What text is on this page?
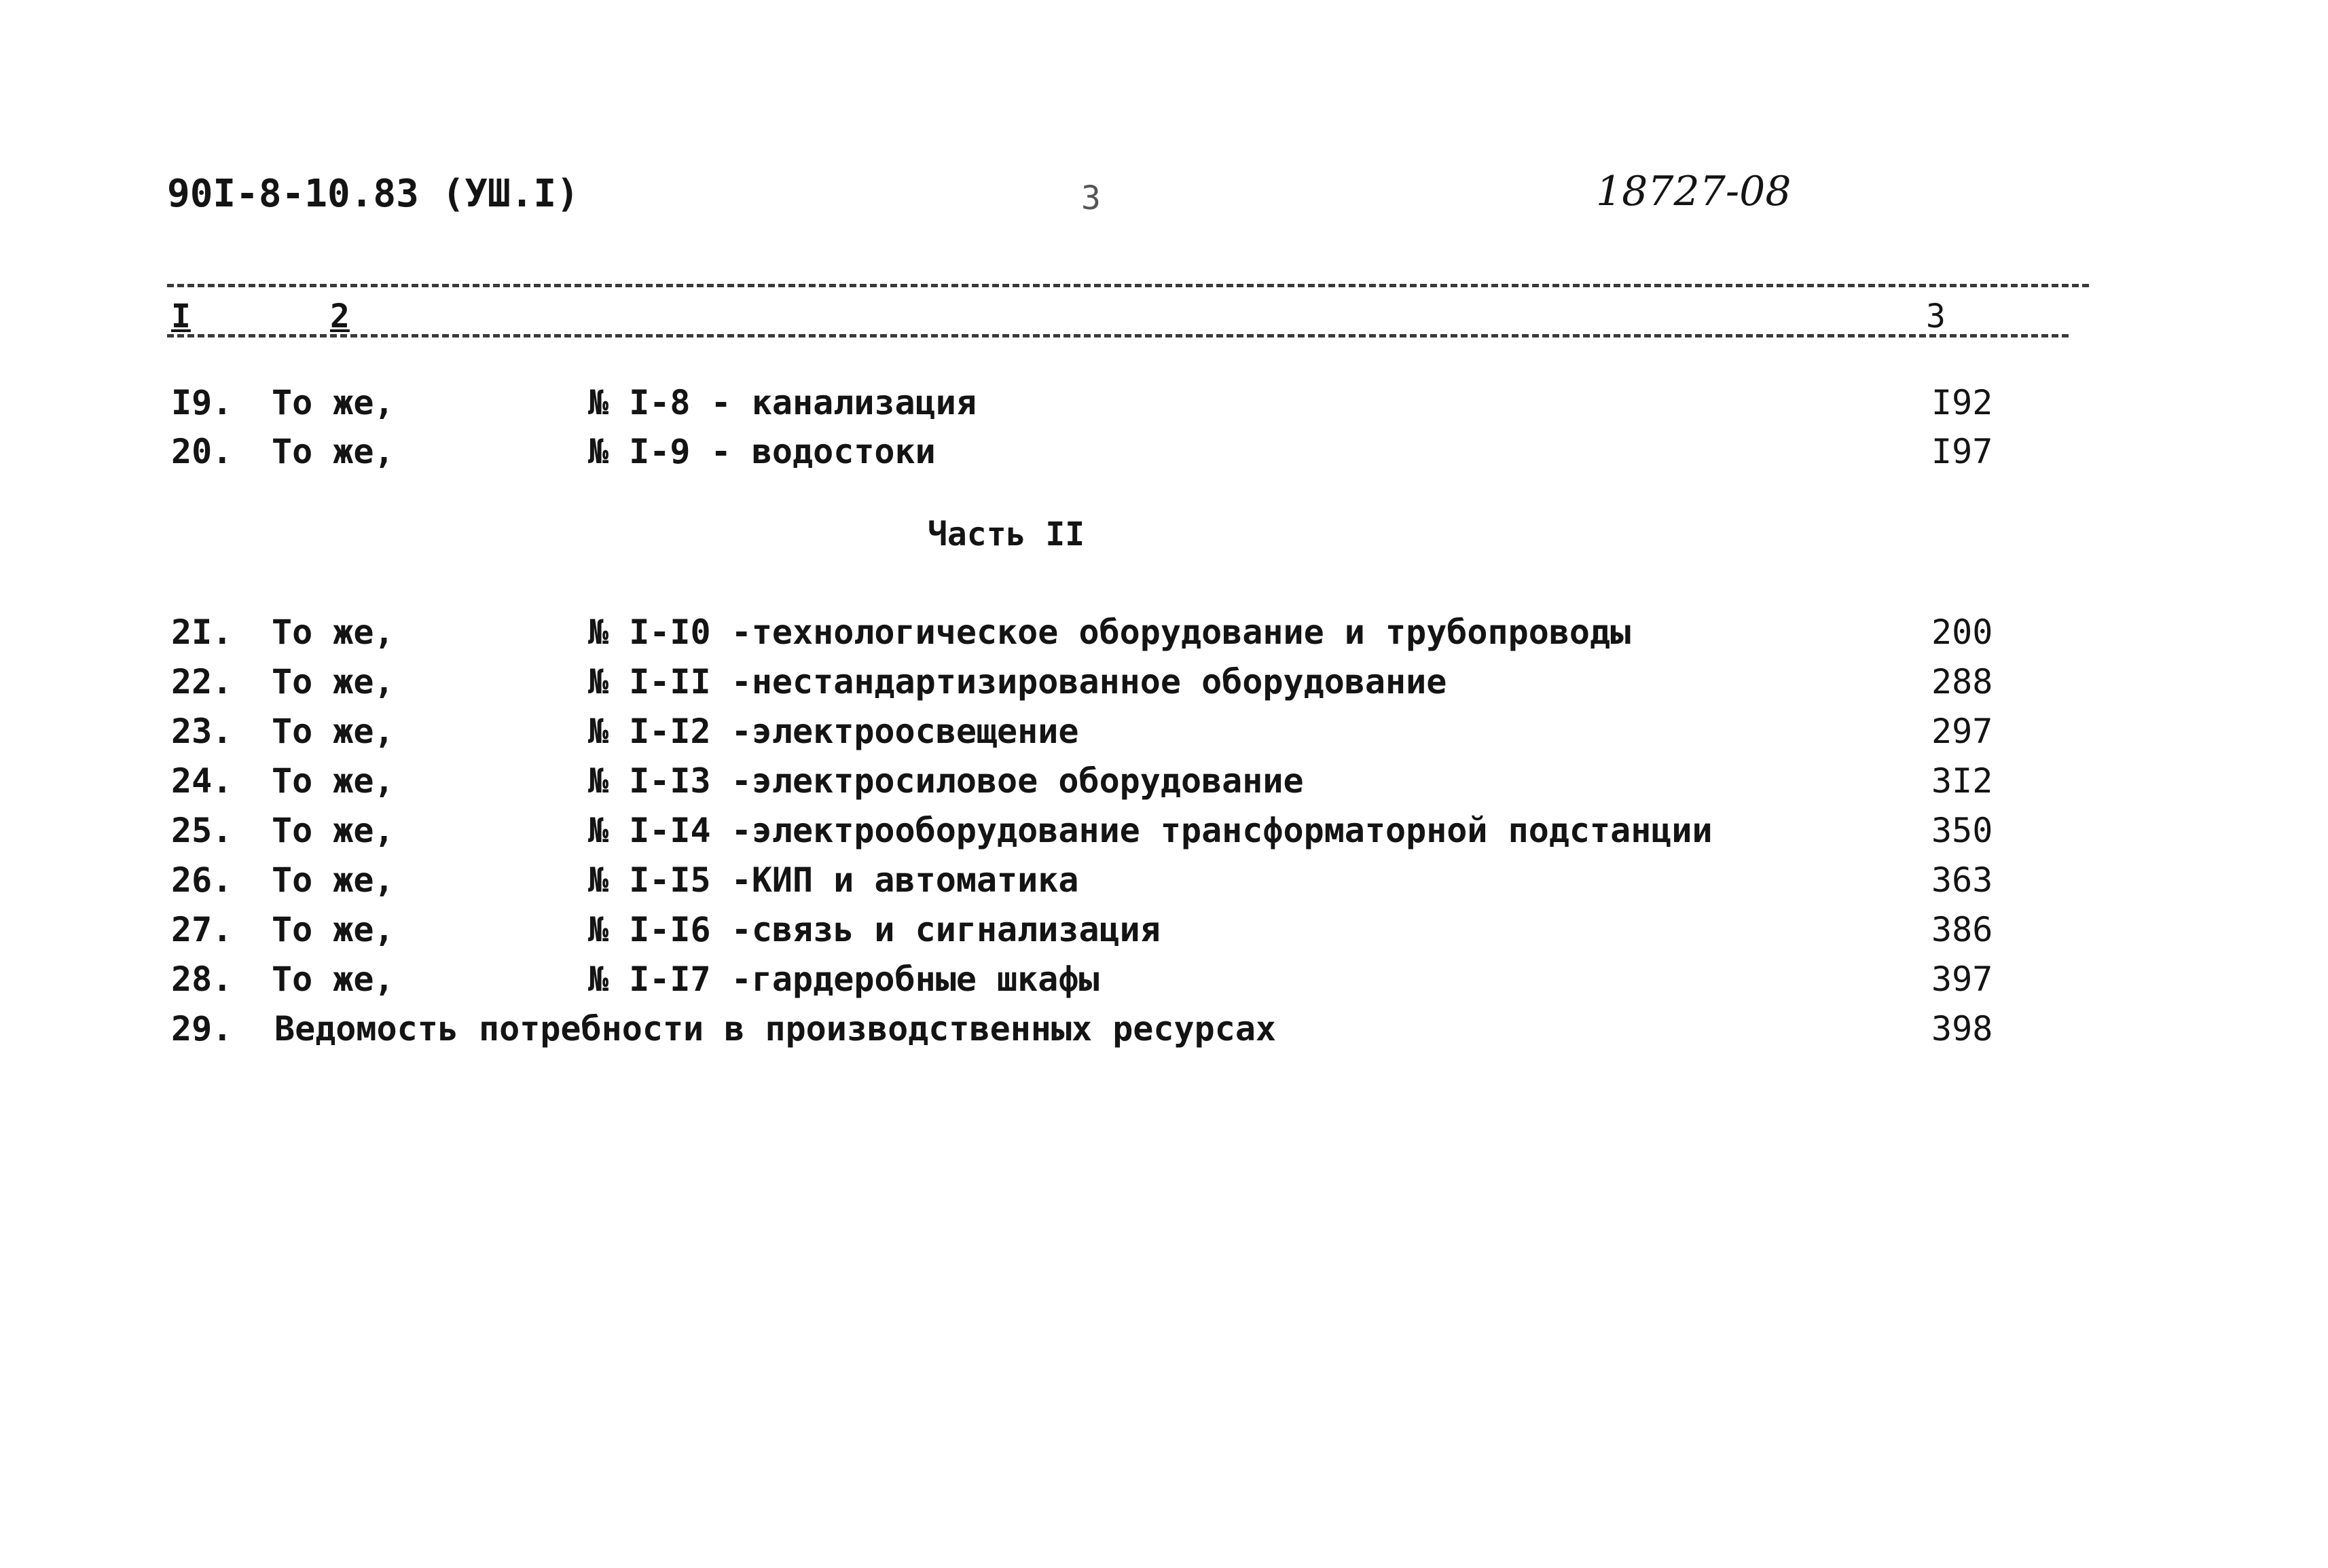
90I-8-10.83 (УШ.I)	3	18727-08
I	2	3
I9. То же,	№ I-8 - канализация	I92
20. То же,	№ I-9 - водостоки	I97
Часть II
2I. То же,	№ I-I0 -технологическое оборудование и трубопроводы	200
22. То же,	№ I-II -нестандартизированное оборудование	288
23. То же,	№ I-I2 -электроосвещение	297
24. То же,	№ I-I3 -электросиловое оборудование	3I2
25. То же,	№ I-I4 -электрооборудование трансформаторной подстанции	350
26. То же,	№ I-I5 -КИП и автоматика	363
27. То же,	№ I-I6 -связь и сигнализация	386
28. То же,	№ I-I7 -гардеробные шкафы	397
29. Ведомость потребности в производственных ресурсах	398
